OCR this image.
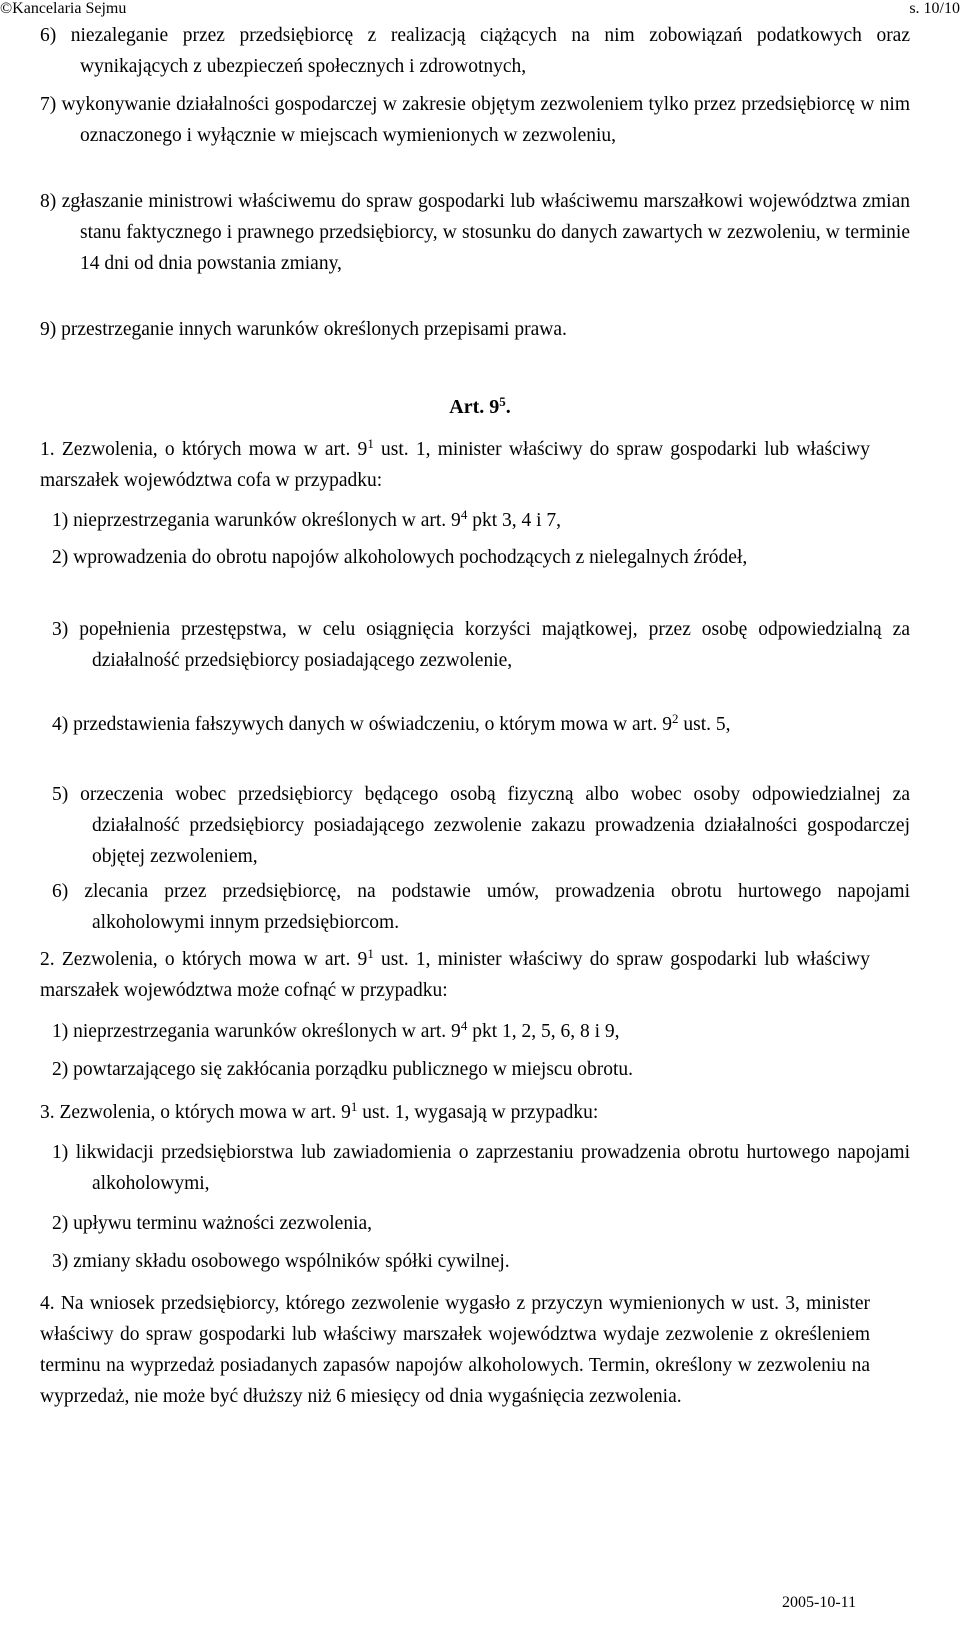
©Kancelaria Sejmu	s. 10/10

6) niezaleganie przez przedsiębiorcę z realizacją ciążących na nim zobowiązań podatkowych oraz wynikających z ubezpieczeń społecznych i zdrowotnych,

7) wykonywanie działalności gospodarczej w zakresie objętym zezwoleniem tylko przez przedsiębiorcę w nim oznaczonego i wyłącznie w miejscach wymienionych w zezwoleniu,

8) zgłaszanie ministrowi właściwemu do spraw gospodarki lub właściwemu marszałkowi województwa zmian stanu faktycznego i prawnego przedsiębiorcy, w stosunku do danych zawartych w zezwoleniu, w terminie 14 dni od dnia powstania zmiany,

9) przestrzeganie innych warunków określonych przepisami prawa.

Art. $9^5$.

1. Zezwolenia, o których mowa w art. $9^1$ ust. 1, minister właściwy do spraw gospodarki lub właściwy marszałek województwa cofa w przypadku:

1) nieprzestrzegania warunków określonych w art. $9^4$ pkt 3, 4 i 7,

2) wprowadzenia do obrotu napojów alkoholowych pochodzących z nielegalnych źródeł,

3) popełnienia przestępstwa, w celu osiągnięcia korzyści majątkowej, przez osobę odpowiedzialną za działalność przedsiębiorcy posiadającego zezwolenie,

4) przedstawienia fałszywych danych w oświadczeniu, o którym mowa w art. $9^2$ ust. 5,

5) orzeczenia wobec przedsiębiorcy będącego osobą fizyczną albo wobec osoby odpowiedzialnej za działalność przedsiębiorcy posiadającego zezwolenie zakazu prowadzenia działalności gospodarczej objętej zezwoleniem,

6) zlecania przez przedsiębiorcę, na podstawie umów, prowadzenia obrotu hurtowego napojami alkoholowymi innym przedsiębiorcom.

2. Zezwolenia, o których mowa w art. $9^1$ ust. 1, minister właściwy do spraw gospodarki lub właściwy marszałek województwa może cofnąć w przypadku:

1) nieprzestrzegania warunków określonych w art. $9^4$ pkt 1, 2, 5, 6, 8 i 9,

2) powtarzającego się zakłócania porządku publicznego w miejscu obrotu.

3. Zezwolenia, o których mowa w art. $9^1$ ust. 1, wygasają w przypadku:

1) likwidacji przedsiębiorstwa lub zawiadomienia o zaprzestaniu prowadzenia obrotu hurtowego napojami alkoholowymi,

2) upływu terminu ważności zezwolenia,

3) zmiany składu osobowego wspólników spółki cywilnej.

4. Na wniosek przedsiębiorcy, którego zezwolenie wygasło z przyczyn wymienionych w ust. 3, minister właściwy do spraw gospodarki lub właściwy marszałek województwa wydaje zezwolenie z określeniem terminu na wyprzedaż posiadanych zapasów napojów alkoholowych. Termin, określony w zezwoleniu na wyprzedaż, nie może być dłuższy niż 6 miesięcy od dnia wygaśnięcia zezwolenia.

2005-10-11
